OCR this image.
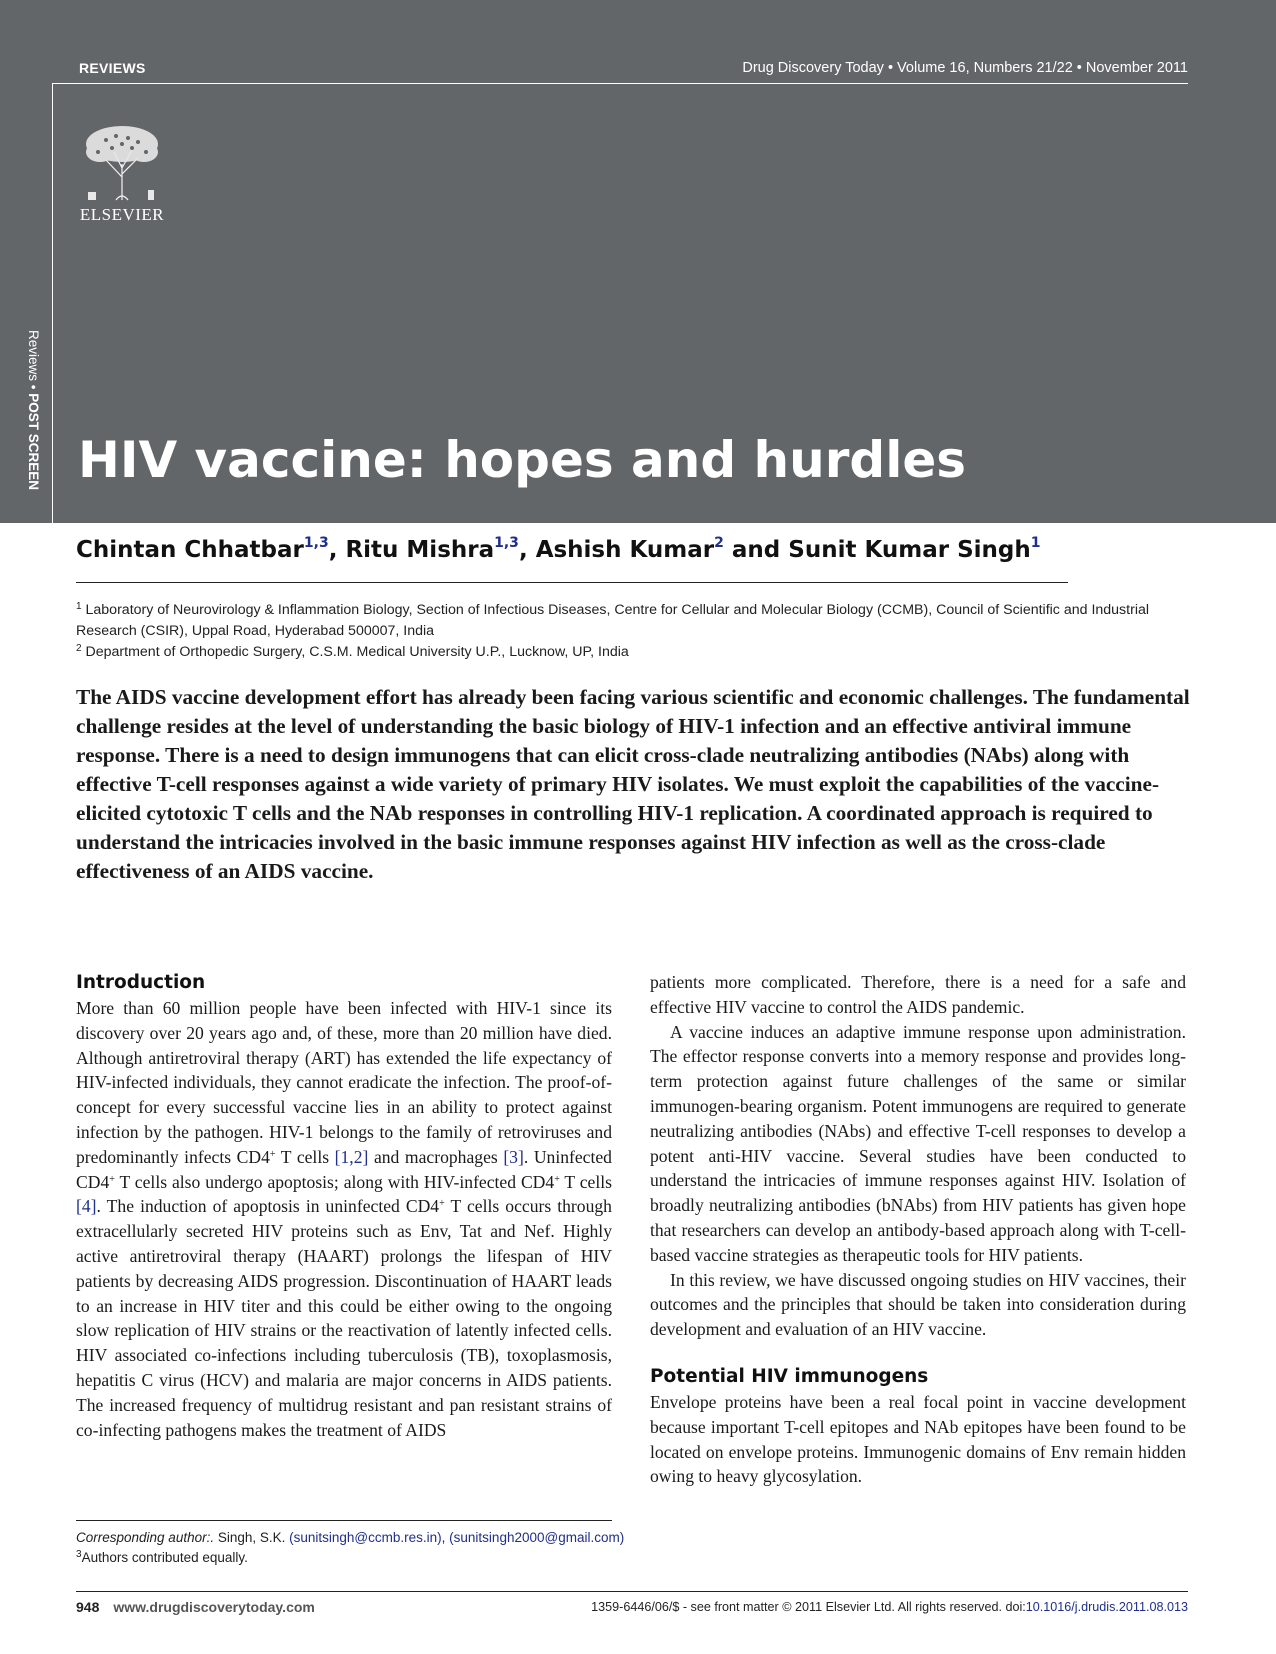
REVIEWS	Drug Discovery Today • Volume 16, Numbers 21/22 • November 2011
ELSEVIER
Reviews • POST SCREEN HIV vaccine: hopes and hurdles
Chintan Chhatbar$^{1,3}$, Ritu Mishra$^{1,3}$, Ashish Kumar$^2$ and Sunit Kumar Singh$^1$
$^1$ Laboratory of Neurovirology & Inflammation Biology, Section of Infectious Diseases, Centre for Cellular and Molecular Biology (CCMB), Council of Scientific and Industrial Research (CSIR), Uppal Road, Hyderabad 500007, India
$^2$ Department of Orthopedic Surgery, C.S.M. Medical University U.P., Lucknow, UP, India
The AIDS vaccine development effort has already been facing various scientific and economic challenges. The fundamental challenge resides at the level of understanding the basic biology of HIV-1 infection and an effective antiviral immune response. There is a need to design immunogens that can elicit cross-clade neutralizing antibodies (NAbs) along with effective T-cell responses against a wide variety of primary HIV isolates. We must exploit the capabilities of the vaccine-elicited cytotoxic T cells and the NAb responses in controlling HIV-1 replication. A coordinated approach is required to understand the intricacies involved in the basic immune responses against HIV infection as well as the cross-clade effectiveness of an AIDS vaccine.
Introduction

More than 60 million people have been infected with HIV-1 since its discovery over 20 years ago and, of these, more than 20 million have died. Although antiretroviral therapy (ART) has extended the life expectancy of HIV-infected individuals, they cannot eradicate the infection. The proof-of-concept for every successful vaccine lies in an ability to protect against infection by the pathogen. HIV-1 belongs to the family of retroviruses and predominantly infects CD4+ T cells [1,2] and macrophages [3]. Uninfected CD4+ T cells also undergo apoptosis; along with HIV-infected CD4+ T cells [4]. The induction of apoptosis in uninfected CD4+ T cells occurs through extracellularly secreted HIV proteins such as Env, Tat and Nef. Highly active antiretroviral therapy (HAART) prolongs the lifespan of HIV patients by decreasing AIDS progression. Discontinuation of HAART leads to an increase in HIV titer and this could be either owing to the ongoing slow replication of HIV strains or the reactivation of latently infected cells. HIV associated co-infections including tuberculosis (TB), toxoplasmosis, hepatitis C virus (HCV) and malaria are major concerns in AIDS patients. The increased frequency of multidrug resistant and pan resistant strains of co-infecting pathogens makes the treatment of AIDS

patients more complicated. Therefore, there is a need for a safe and effective HIV vaccine to control the AIDS pandemic.

A vaccine induces an adaptive immune response upon administration. The effector response converts into a memory response and provides long-term protection against future challenges of the same or similar immunogen-bearing organism. Potent immunogens are required to generate neutralizing antibodies (NAbs) and effective T-cell responses to develop a potent anti-HIV vaccine. Several studies have been conducted to understand the intricacies of immune responses against HIV. Isolation of broadly neutralizing antibodies (bNAbs) from HIV patients has given hope that researchers can develop an antibody-based approach along with T-cell-based vaccine strategies as therapeutic tools for HIV patients.

In this review, we have discussed ongoing studies on HIV vaccines, their outcomes and the principles that should be taken into consideration during development and evaluation of an HIV vaccine.

Potential HIV immunogens

Envelope proteins have been a real focal point in vaccine development because important T-cell epitopes and NAb epitopes have been found to be located on envelope proteins. Immunogenic domains of Env remain hidden owing to heavy glycosylation.

Corresponding author:. Singh, S.K. (sunitsingh@ccmb.res.in), (sunitsingh2000@gmail.com)
$^3$Authors contributed equally.
948 www.drugdiscoverytoday.com	1359-6446/06/$ - see front matter © 2011 Elsevier Ltd. All rights reserved. doi:10.1016/j.drudis.2011.08.013
